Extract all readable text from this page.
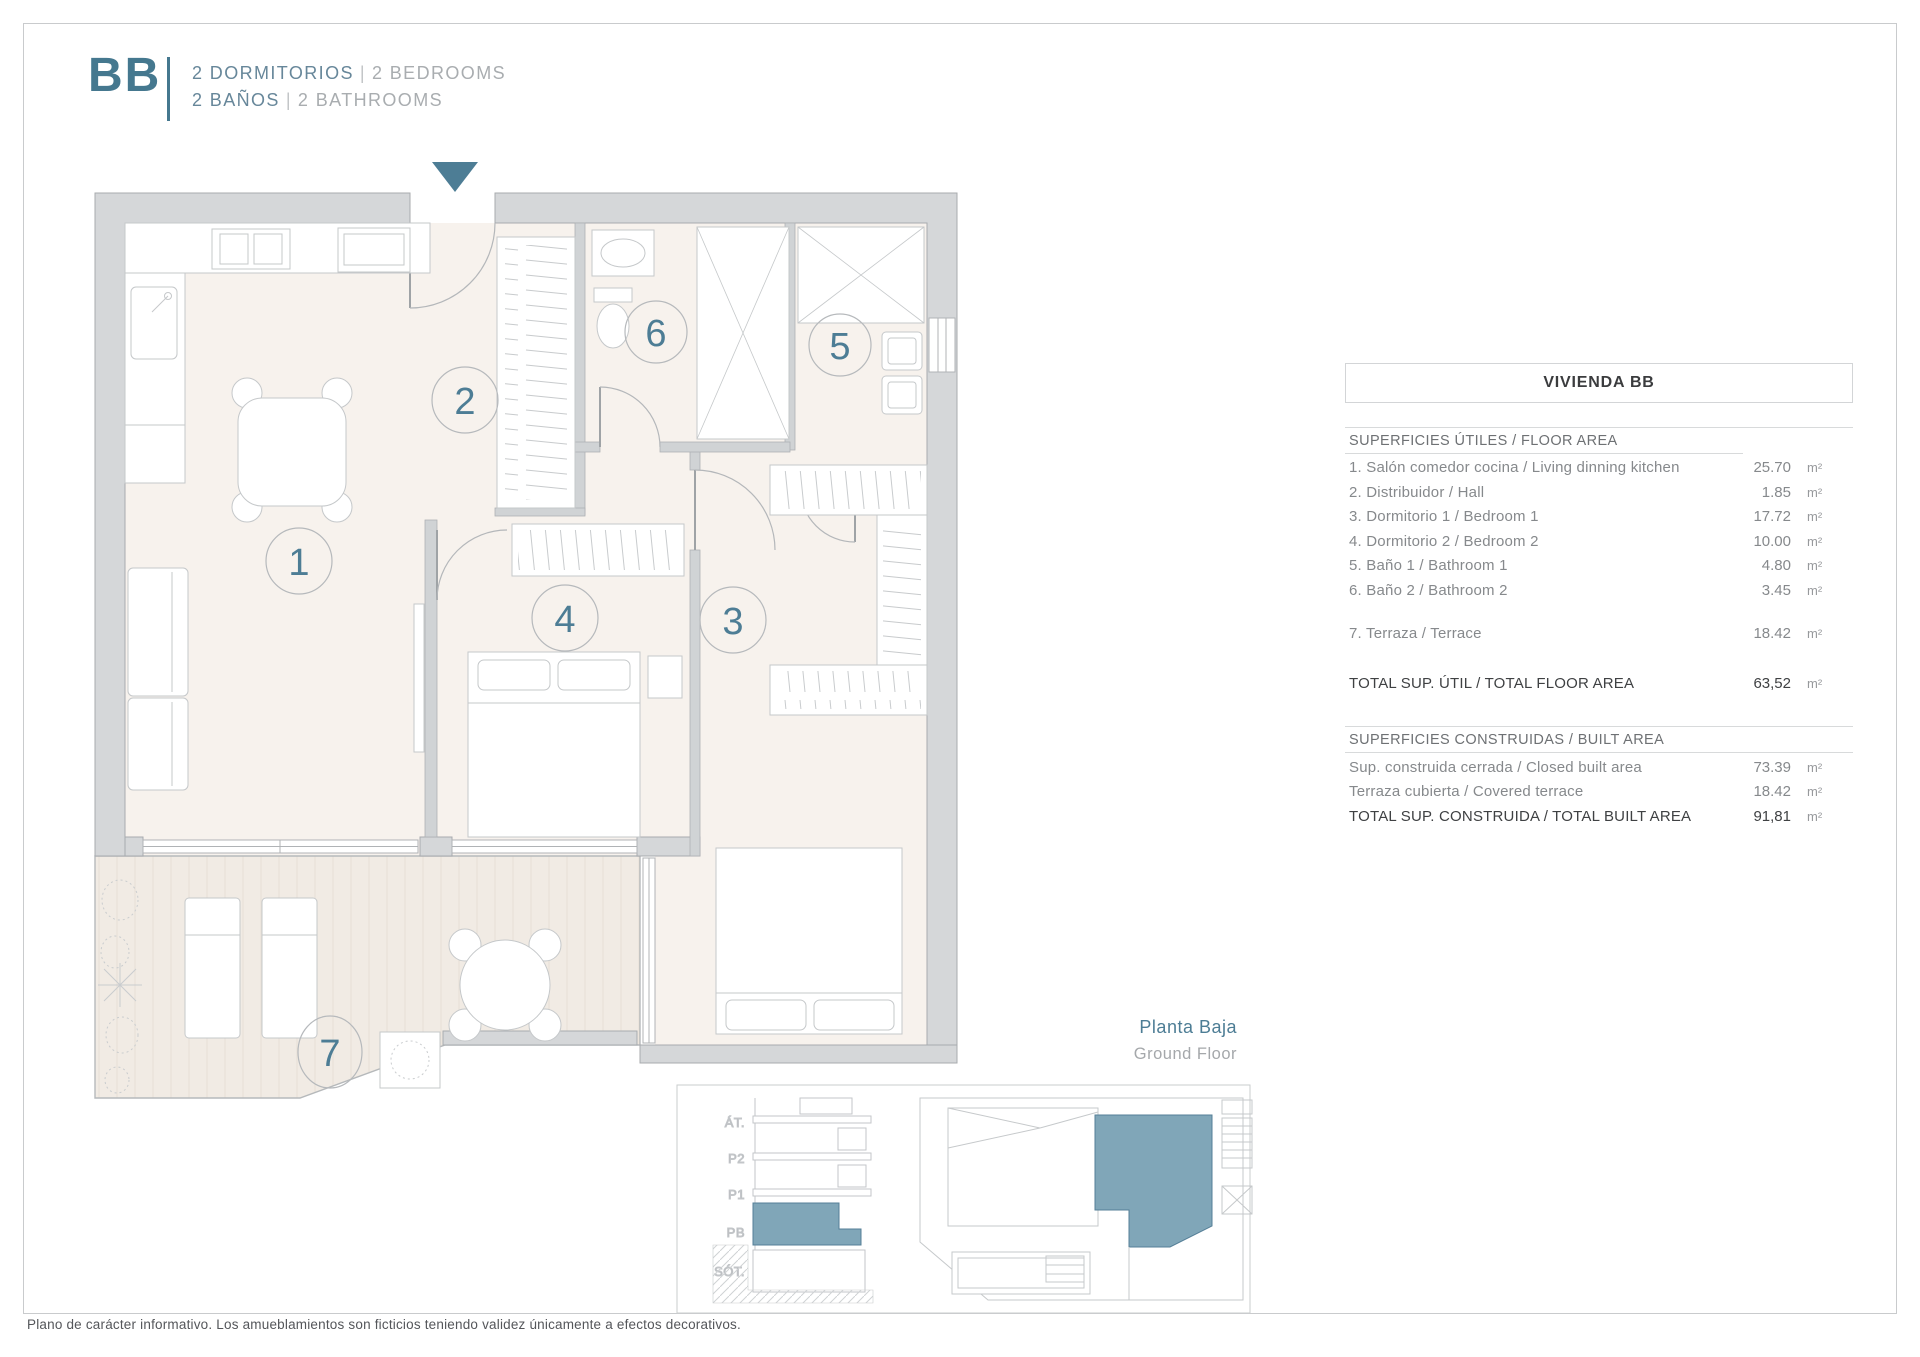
1
2
3
4
5
6
7
ÁT.
P2
P1
PB
BB 2 DORMITORIOS | 2 BEDROOMS
2 BAÑOS | 2 BATHROOMS
VIVIENDA BB
SUPERFICIES ÚTILES / FLOOR AREA
1. Salón comedor cocina / Living dinning kitchen	25.70	m²
2. Distribuidor / Hall	1.85	m²
3. Dormitorio 1 / Bedroom 1	17.72	m²
4. Dormitorio 2 / Bedroom 2	10.00	m²
5. Baño 1 / Bathroom 1	4.80	m²
6. Baño 2 / Bathroom 2	3.45	m²
7. Terraza / Terrace	18.42	m²
TOTAL SUP. ÚTIL / TOTAL FLOOR AREA	63,52	m²
SUPERFICIES CONSTRUIDAS / BUILT AREA
Sup. construida cerrada / Closed built area	73.39	m²
Terraza cubierta / Covered terrace	18.42	m²
TOTAL SUP. CONSTRUIDA / TOTAL BUILT AREA	91,81	m²
Planta Baja
Ground Floor
Plano de carácter informativo. Los amueblamientos son ficticios teniendo validez únicamente a efectos decorativos.
